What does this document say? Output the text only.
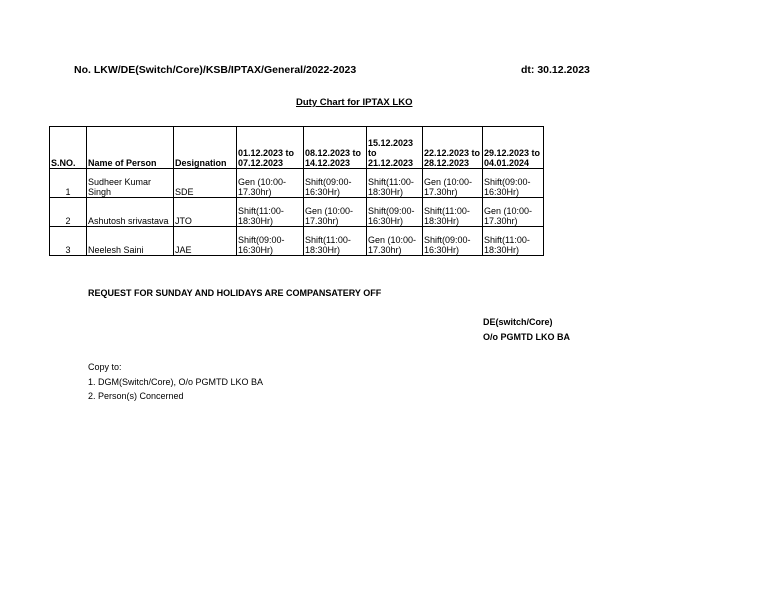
No. LKW/DE(Switch/Core)/KSB/IPTAX/General/2022-2023	dt: 30.12.2023
Duty Chart for IPTAX LKO
S.NO.	Name of Person	Designation	01.12.2023 to 07.12.2023	08.12.2023 to 14.12.2023	15.12.2023 to 21.12.2023	22.12.2023 to 28.12.2023	29.12.2023 to 04.01.2024
1	Sudheer Kumar Singh	SDE	Gen (10:00-17.30hr)	Shift(09:00-16:30Hr)	Shift(11:00-18:30Hr)	Gen (10:00-17.30hr)	Shift(09:00-16:30Hr)
2	Ashutosh srivastava	JTO	Shift(11:00-18:30Hr)	Gen (10:00-17.30hr)	Shift(09:00-16:30Hr)	Shift(11:00-18:30Hr)	Gen (10:00-17.30hr)
3	Neelesh Saini	JAE	Shift(09:00-16:30Hr)	Shift(11:00-18:30Hr)	Gen (10:00-17.30hr)	Shift(09:00-16:30Hr)	Shift(11:00-18:30Hr)
REQUEST FOR SUNDAY AND HOLIDAYS ARE COMPANSATERY OFF
DE(switch/Core)
O/o PGMTD LKO BA
Copy to:
1. DGM(Switch/Core), O/o PGMTD LKO BA
2. Person(s) Concerned
